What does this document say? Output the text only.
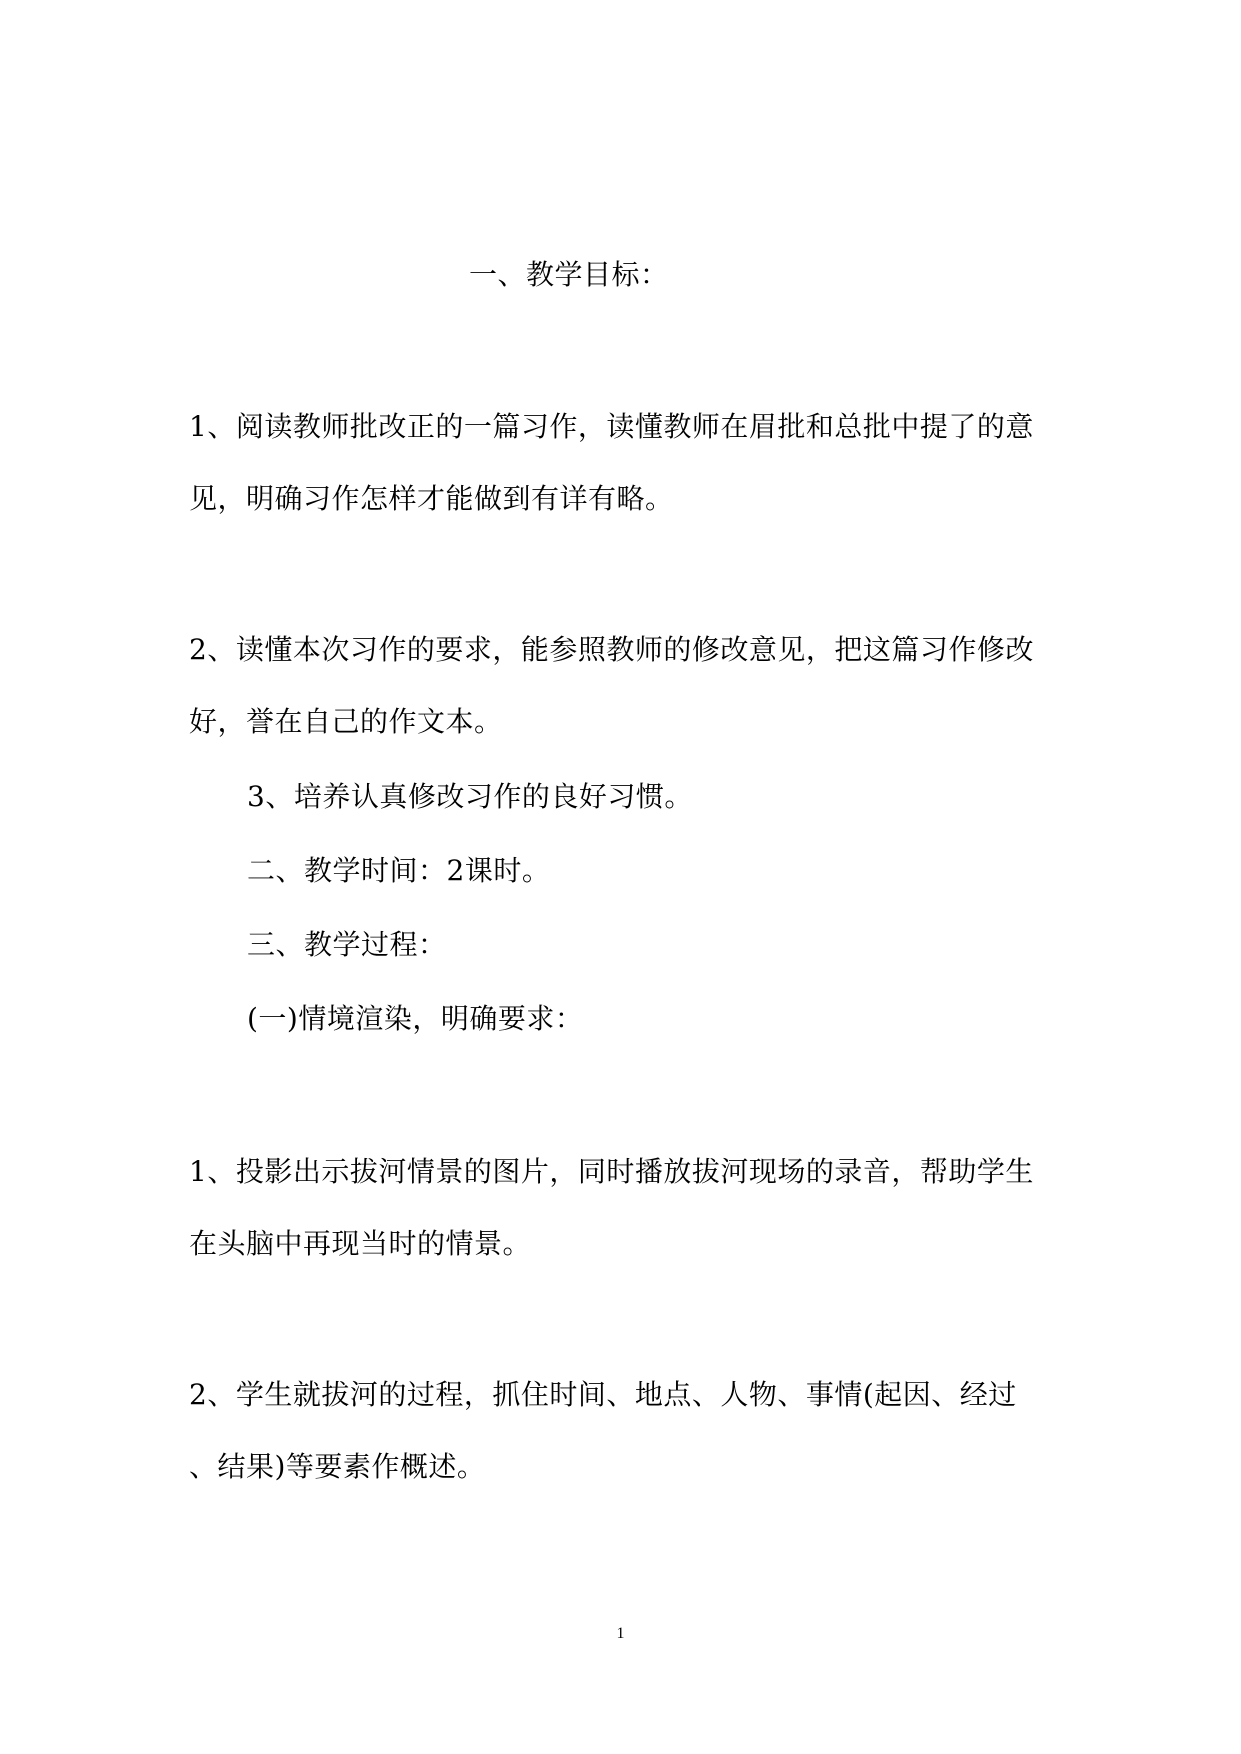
一、教学目标：
1、阅读教师批改正的一篇习作，读懂教师在眉批和总批中提了的意
见，明确习作怎样才能做到有详有略。
2、读懂本次习作的要求，能参照教师的修改意见，把这篇习作修改
好，誉在自己的作文本。
3、培养认真修改习作的良好习惯。
二、教学时间：2课时。
三、教学过程：
(一)情境渲染，明确要求：
1、投影出示拔河情景的图片，同时播放拔河现场的录音，帮助学生
在头脑中再现当时的情景。
2、学生就拔河的过程，抓住时间、地点、人物、事情(起因、经过
、结果)等要素作概述。
1
